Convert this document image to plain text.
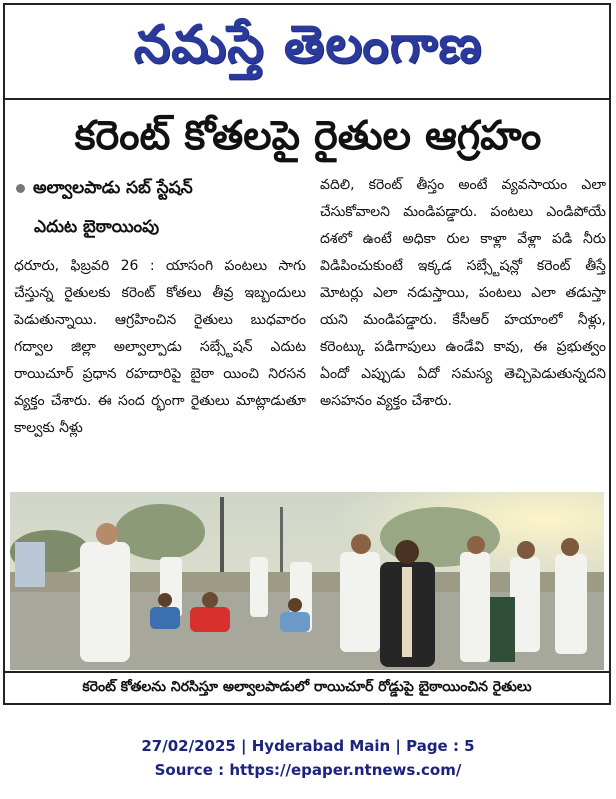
నమస్తే తెలంగాణ
కరెంట్ కోతలపై రైతుల ఆగ్రహం
అల్వాలపాడు సబ్ స్టేషన్
ఎదుట బైఠాయింపు

ధరూరు, ఫిబ్రవరి 26 : యాసంగి పంటలు సాగు చేస్తున్న రైతులకు కరెంట్ కోతలు తీవ్ర ఇబ్బందులు పెడుతున్నాయి. ఆగ్రహించిన రైతులు బుధవారం గద్వాల జిల్లా అల్వాల్పాడు సబ్స్టేషన్ ఎదుట రాయిచూర్ ప్రధాన రహదారిపై బైఠా యించి నిరసన వ్యక్తం చేశారు. ఈ సంద ర్భంగా రైతులు మాట్లాడుతూ కాల్వకు నీళ్లు

వదిలి, కరెంట్ తీస్తం అంటే వ్యవసాయం ఎలా చేసుకోవాలని మండిపడ్డారు. పంటలు ఎండిపోయే దశలో ఉంటే అధికా రుల కాళ్లా వేళ్లా పడి నీరు విడిపించుకుంటే ఇక్కడ సబ్స్టేషన్లో కరెంట్ తీస్తే మోటర్లు ఎలా నడుస్తాయి, పంటలు ఎలా తడుస్తా యని మండిపడ్డారు. కేసీఆర్ హయాంలో నీళ్లు, కరెంట్కు పడిగాపులు ఉండేవి కావు, ఈ ప్రభుత్వం ఏందో ఎప్పుడు ఏదో సమస్య తెచ్చిపెడుతున్నదని అసహనం వ్యక్తం చేశారు.

కరెంట్ కోతలను నిరసిస్తూ అల్వాలపాడులో రాయిచూర్ రోడ్డుపై బైఠాయించిన రైతులు
27/02/2025 | Hyderabad Main | Page : 5
Source : https://epaper.ntnews.com/
